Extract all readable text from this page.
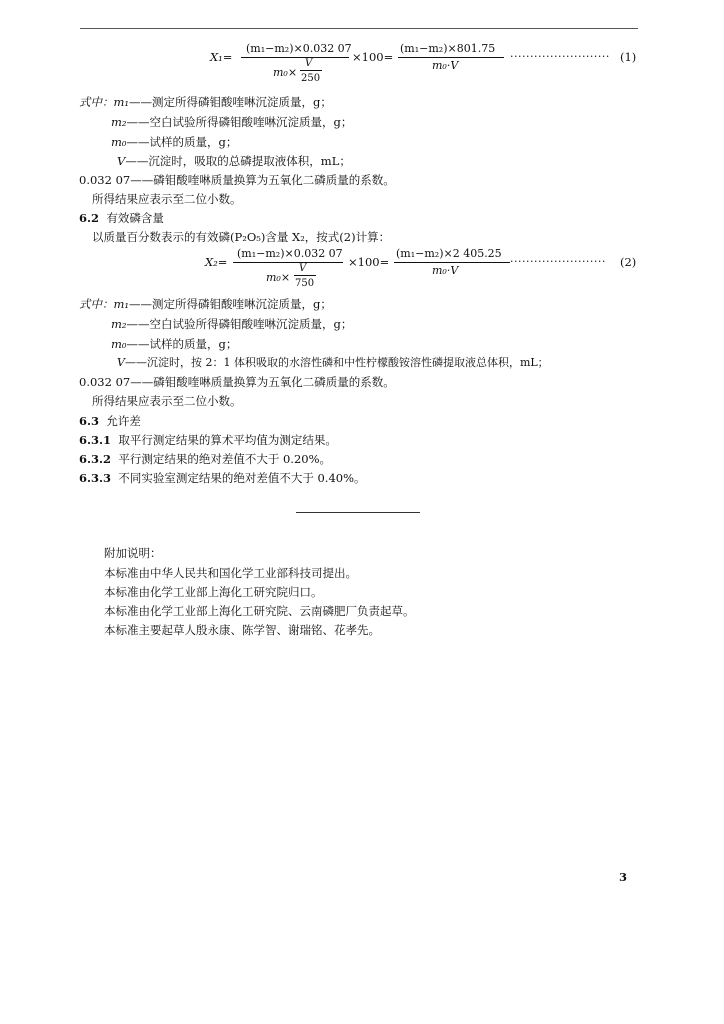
X₁=
(m₁−m₂)×0.032 07
m₀×
V
250
×100=
(m₁−m₂)×801.75
m₀·V
························· (1)
式中：m₁——测定所得磷钼酸喹啉沉淀质量，g；
m₂——空白试验所得磷钼酸喹啉沉淀质量，g；
m₀——试样的质量，g；
V——沉淀时，吸取的总磷提取液体积，mL；
0.032 07——磷钼酸喹啉质量换算为五氧化二磷质量的系数。
所得结果应表示至二位小数。
6.2 有效磷含量
以质量百分数表示的有效磷(P₂O₅)含量 X₂，按式(2)计算：
X₂=
(m₁−m₂)×0.032 07
m₀×
V
750
×100=
(m₁−m₂)×2 405.25
m₀·V
························ (2)
式中：m₁——测定所得磷钼酸喹啉沉淀质量，g；
m₂——空白试验所得磷钼酸喹啉沉淀质量，g；
m₀——试样的质量，g；
V——沉淀时，按 2：1 体积吸取的水溶性磷和中性柠檬酸铵溶性磷提取液总体积，mL；
0.032 07——磷钼酸喹啉质量换算为五氧化二磷质量的系数。
所得结果应表示至二位小数。
6.3 允许差
6.3.1 取平行测定结果的算术平均值为测定结果。
6.3.2 平行测定结果的绝对差值不大于 0.20%。
6.3.3 不同实验室测定结果的绝对差值不大于 0.40%。
附加说明：
本标准由中华人民共和国化学工业部科技司提出。
本标准由化学工业部上海化工研究院归口。
本标准由化学工业部上海化工研究院、云南磷肥厂负责起草。
本标准主要起草人殷永康、陈学智、谢瑞铭、花孝先。
3
